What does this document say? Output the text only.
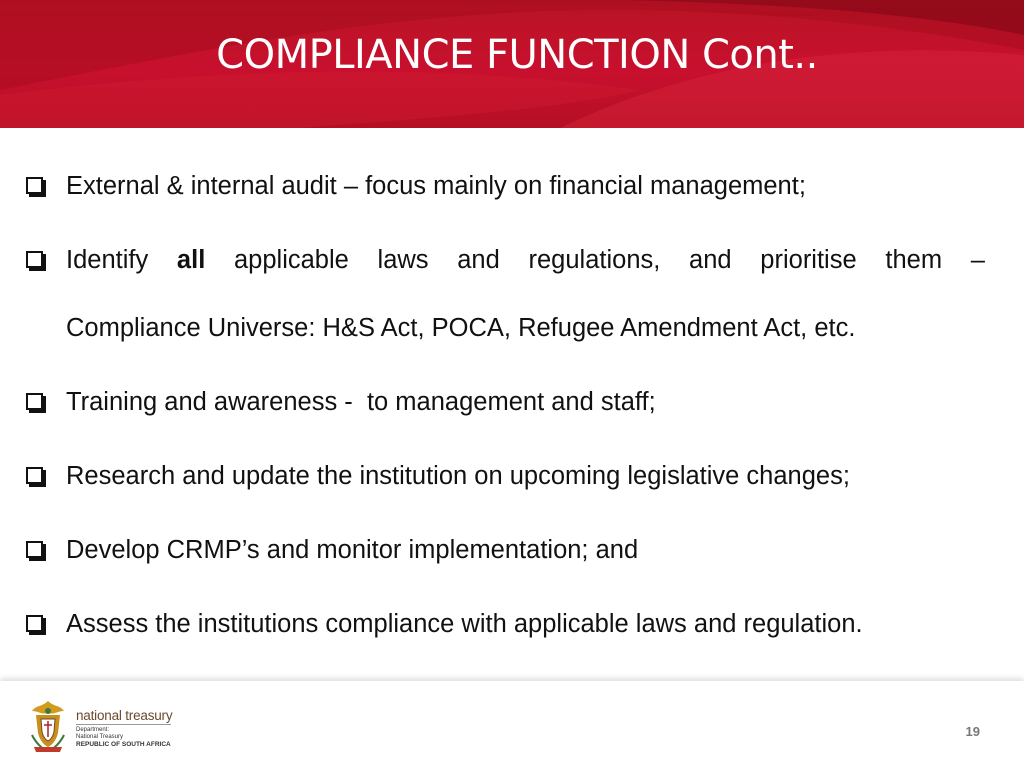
COMPLIANCE FUNCTION Cont..
External & internal audit – focus mainly on financial management;
Identify all applicable laws and regulations, and prioritise them –
Compliance Universe: H&S Act, POCA, Refugee Amendment Act, etc.
Training and awareness -  to management and staff;
Research and update the institution on upcoming legislative changes;
Develop CRMP’s and monitor implementation; and
Assess the institutions compliance with applicable laws and regulation.
national treasury
Department:
National Treasury
REPUBLIC OF SOUTH AFRICA
19
